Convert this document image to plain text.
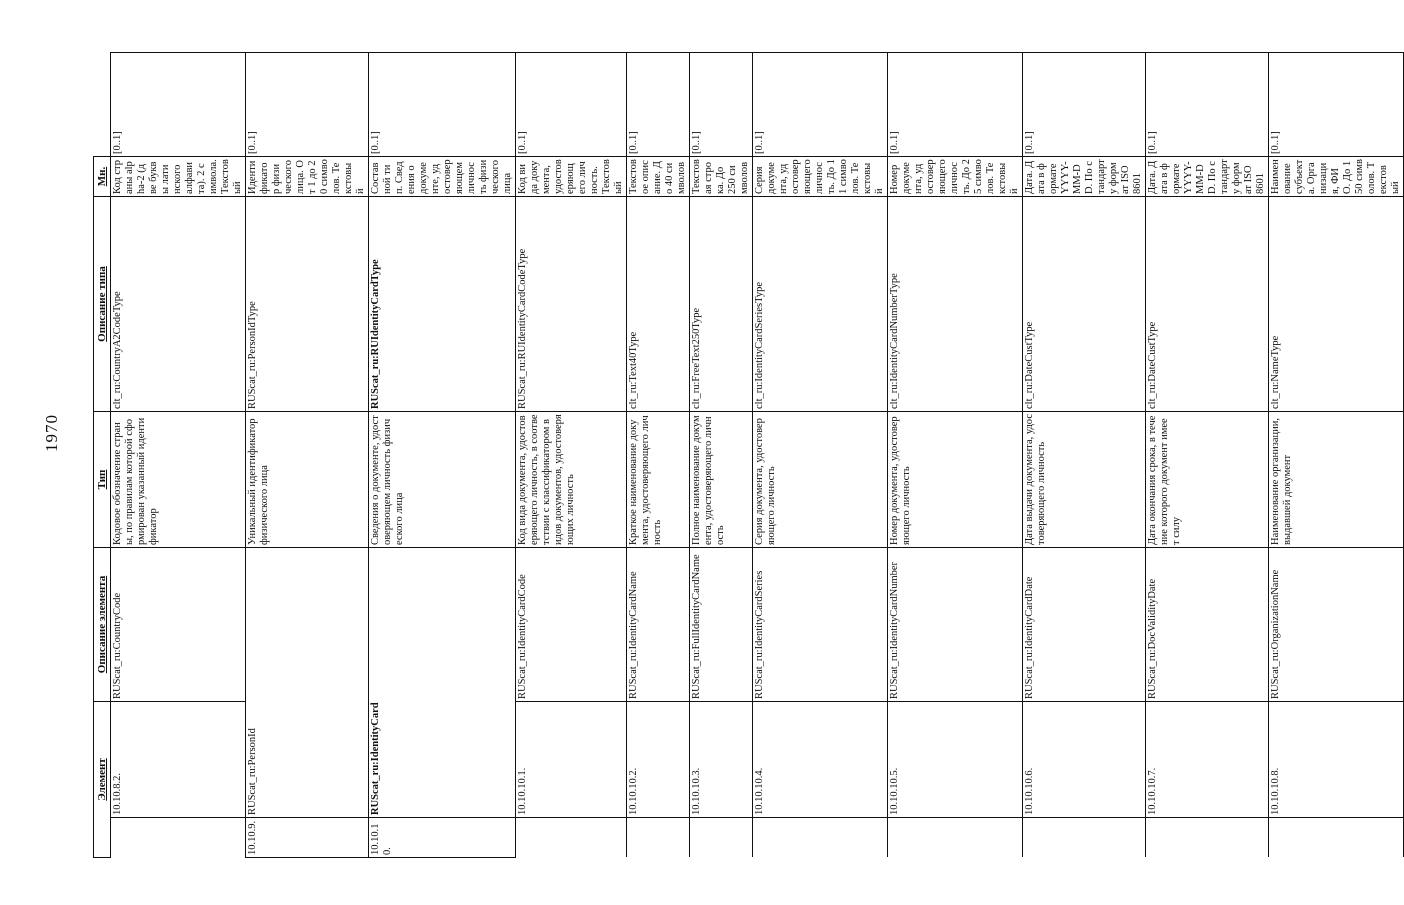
1970
Элемент		Описание элемента	Тип	Описание типа	Мн.	
	10.10.8.2.	RUScat_ru:CountryCode	Кодовое обозначение страны, по правилам которой сформирован указанный идентификатор	clt_ru:CountryA2CodeType	Код страны alpha-2 (две буквы латинского алфавита). 2 символа. Текстовый	[0..1]
10.10.9.	RUScat_ru:PersonId		Уникальный идентификатор физического лица	RUScat_ru:PersonIdType	Идентификатор физического лица. От 1 до 20 символов. Текстовый	[0..1]
10.10.10.	RUScat_ru:IdentityCard		Сведения о документе, удостоверяющем личность физического лица	RUScat_ru:RUIdentityCardType	Составной тип. Сведения о документе, удостоверяющем личность физического лица	[0..1]
	10.10.10.1.	RUScat_ru:IdentityCardCode	Код вида документа, удостоверяющего личность, в соответствии с классификатором видов документов, удостоверяющих личность	RUScat_ru:RUIdentityCardCodeType	Код вида документа, удостоверяющего личность. Текстовый	[0..1]
	10.10.10.2.	RUScat_ru:IdentityCardName	Краткое наименование документа, удостоверяющего личность	clt_ru:Text40Type	Текстовое описание. До 40 символов	[0..1]
	10.10.10.3.	RUScat_ru:FullIdentityCardName	Полное наименование документа, удостоверяющего личность	clt_ru:FreeText250Type	Текстовая строка. До 250 символов	[0..1]
	10.10.10.4.	RUScat_ru:IdentityCardSeries	Серия документа, удостоверяющего личность	clt_ru:IdentityCardSeriesType	Серия документа, удостоверяющего личность. До 11 символов. Текстовый	[0..1]
	10.10.10.5.	RUScat_ru:IdentityCardNumber	Номер документа, удостоверяющего личность	clt_ru:IdentityCardNumberType	Номер документа, удостоверяющего личность. До 25 символов. Текстовый	[0..1]
	10.10.10.6.	RUScat_ru:IdentityCardDate	Дата выдачи документа, удостоверяющего личность	clt_ru:DateCustType	Дата. Дата в формате YYYY-MM-DD. По стандарту формат ISO 8601	[0..1]
	10.10.10.7.	RUScat_ru:DocValidityDate	Дата окончания срока, в течение которого документ имеет силу	clt_ru:DateCustType	Дата. Дата в формате YYYY-MM-DD. По стандарту формат ISO 8601	[0..1]
	10.10.10.8.	RUScat_ru:OrganizationName	Наименование организации, выдавшей документ	clt_ru:NameType	Наименование субъекта. Организация, ФИО. До 150 символов. Текстовый	[0..1]
